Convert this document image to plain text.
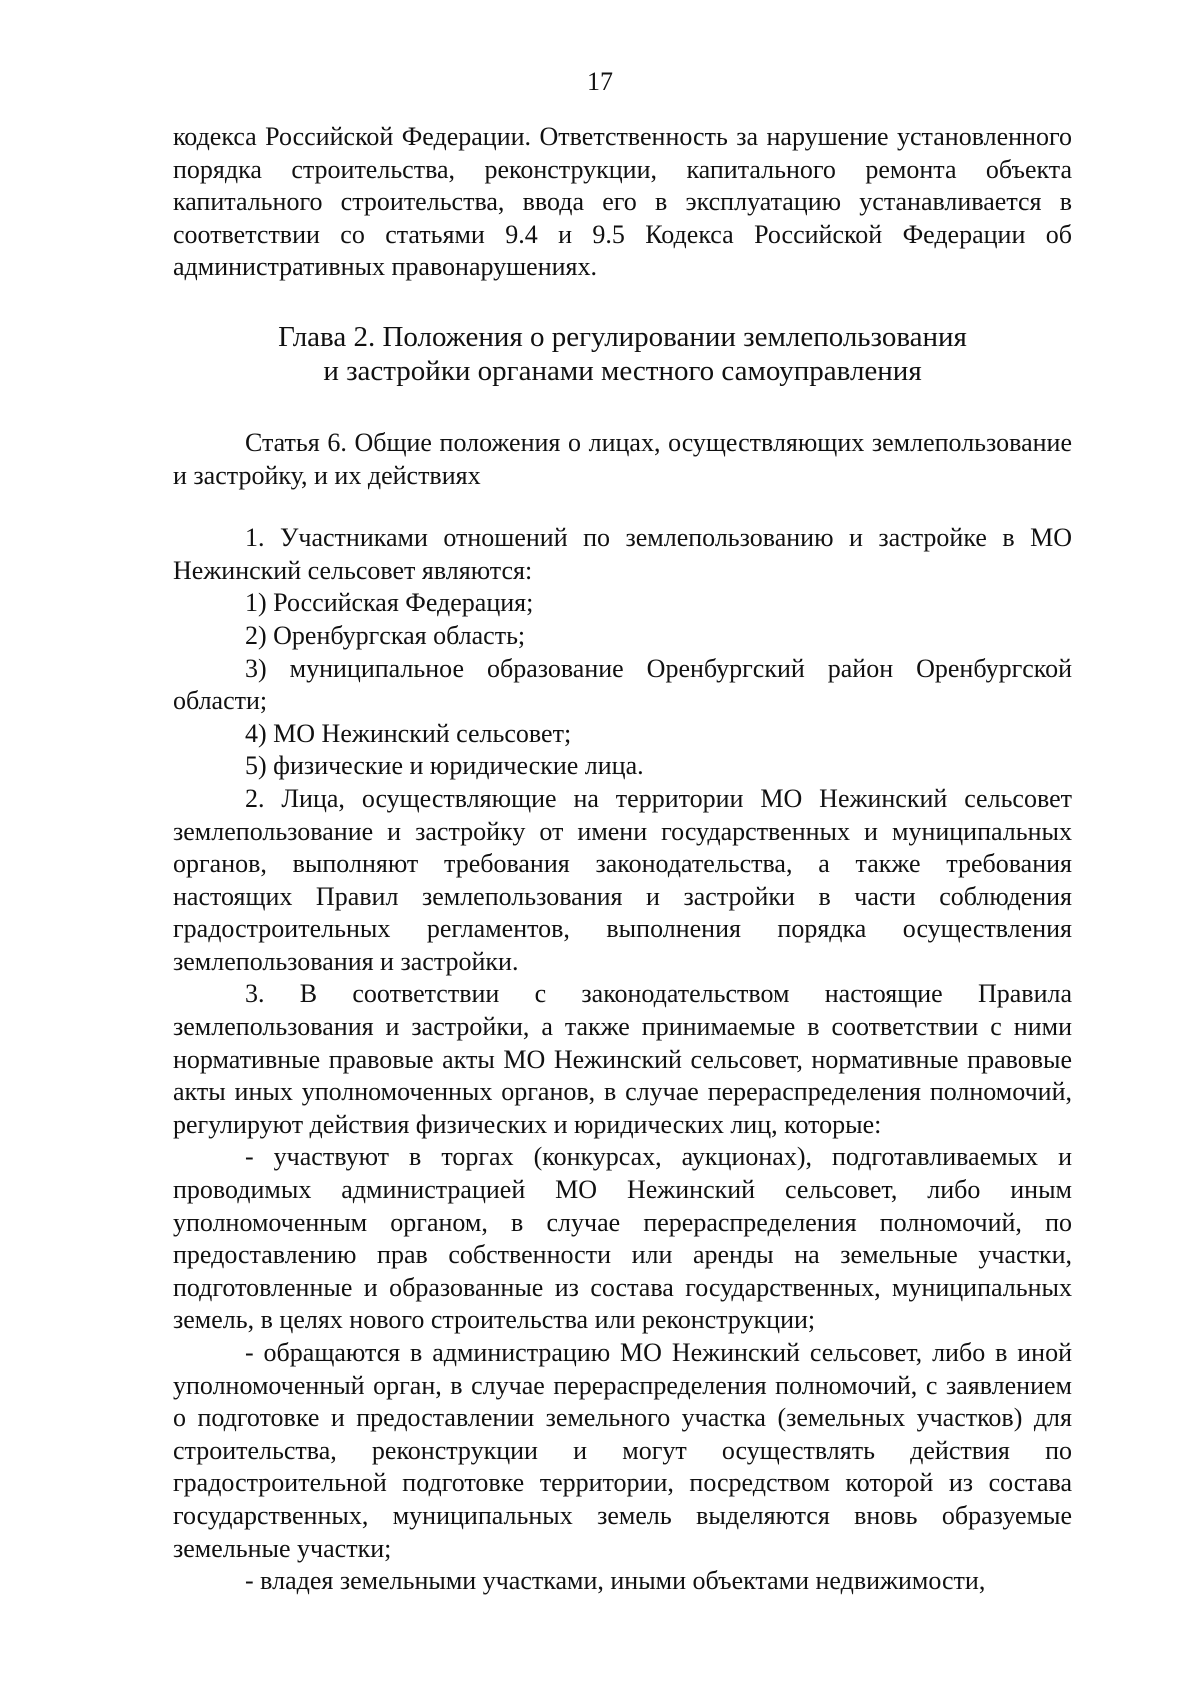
17

кодекса Российской Федерации. Ответственность за нарушение установленного порядка строительства, реконструкции, капитального ремонта объекта капитального строительства, ввода его в эксплуатацию устанавливается в соответствии со статьями 9.4 и 9.5 Кодекса Российской Федерации об административных правонарушениях.

Глава 2. Положения о регулировании землепользования
и застройки органами местного самоуправления

Статья 6. Общие положения о лицах, осуществляющих землепользование и застройку, и их действиях

1. Участниками отношений по землепользованию и застройке в МО Нежинский сельсовет являются:

1) Российская Федерация;

2) Оренбургская область;

3) муниципальное образование Оренбургский район Оренбургской области;

4) МО Нежинский сельсовет;

5) физические и юридические лица.

2. Лица, осуществляющие на территории МО Нежинский сельсовет землепользование и застройку от имени государственных и муниципальных органов, выполняют требования законодательства, а также требования настоящих Правил землепользования и застройки в части соблюдения градостроительных регламентов, выполнения порядка осуществления землепользования и застройки.

3. В соответствии с законодательством настоящие Правила землепользования и застройки, а также принимаемые в соответствии с ними нормативные правовые акты МО Нежинский сельсовет, нормативные правовые акты иных уполномоченных органов, в случае перераспределения полномочий, регулируют действия физических и юридических лиц, которые:

- участвуют в торгах (конкурсах, аукционах), подготавливаемых и проводимых администрацией МО Нежинский сельсовет, либо иным уполномоченным органом, в случае перераспределения полномочий, по предоставлению прав собственности или аренды на земельные участки, подготовленные и образованные из состава государственных, муниципальных земель, в целях нового строительства или реконструкции;

- обращаются в администрацию МО Нежинский сельсовет, либо в иной уполномоченный орган, в случае перераспределения полномочий, с заявлением о подготовке и предоставлении земельного участка (земельных участков) для строительства, реконструкции и могут осуществлять действия по градостроительной подготовке территории, посредством которой из состава государственных, муниципальных земель выделяются вновь образуемые земельные участки;

- владея земельными участками, иными объектами недвижимости,
